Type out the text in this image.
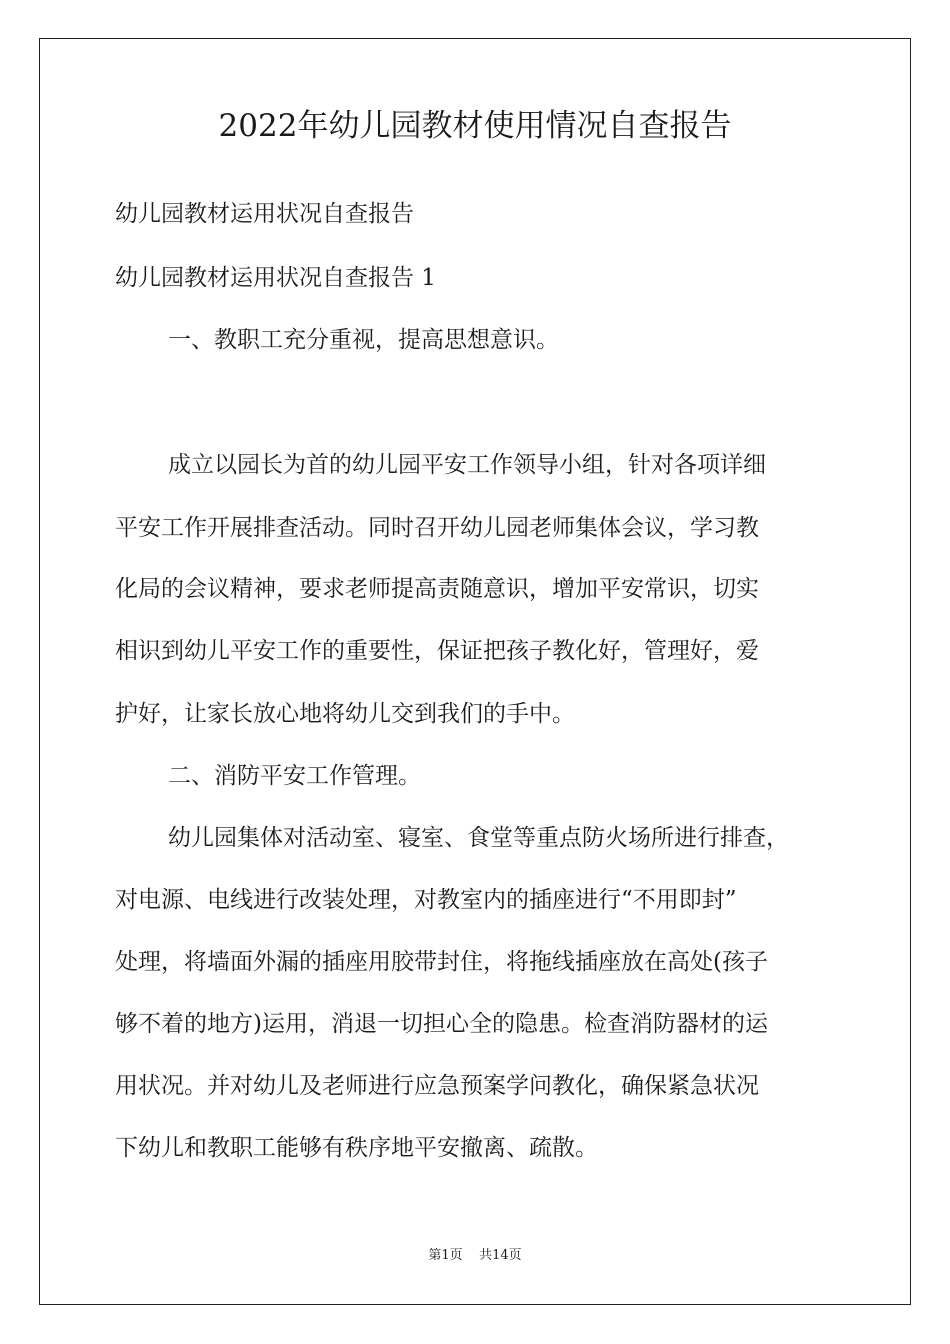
2022年幼儿园教材使用情况自查报告
幼儿园教材运用状况自查报告
幼儿园教材运用状况自查报告 1
一、教职工充分重视，提高思想意识。
成立以园长为首的幼儿园平安工作领导小组，针对各项详细
平安工作开展排查活动。同时召开幼儿园老师集体会议，学习教
化局的会议精神，要求老师提高责随意识，增加平安常识，切实
相识到幼儿平安工作的重要性，保证把孩子教化好，管理好，爱
护好，让家长放心地将幼儿交到我们的手中。
二、消防平安工作管理。
幼儿园集体对活动室、寝室、食堂等重点防火场所进行排查，
对电源、电线进行改装处理，对教室内的插座进行“不用即封”
处理，将墙面外漏的插座用胶带封住，将拖线插座放在高处(孩子
够不着的地方)运用，消退一切担心全的隐患。检查消防器材的运
用状况。并对幼儿及老师进行应急预案学问教化，确保紧急状况
下幼儿和教职工能够有秩序地平安撤离、疏散。
第1页 共14页
